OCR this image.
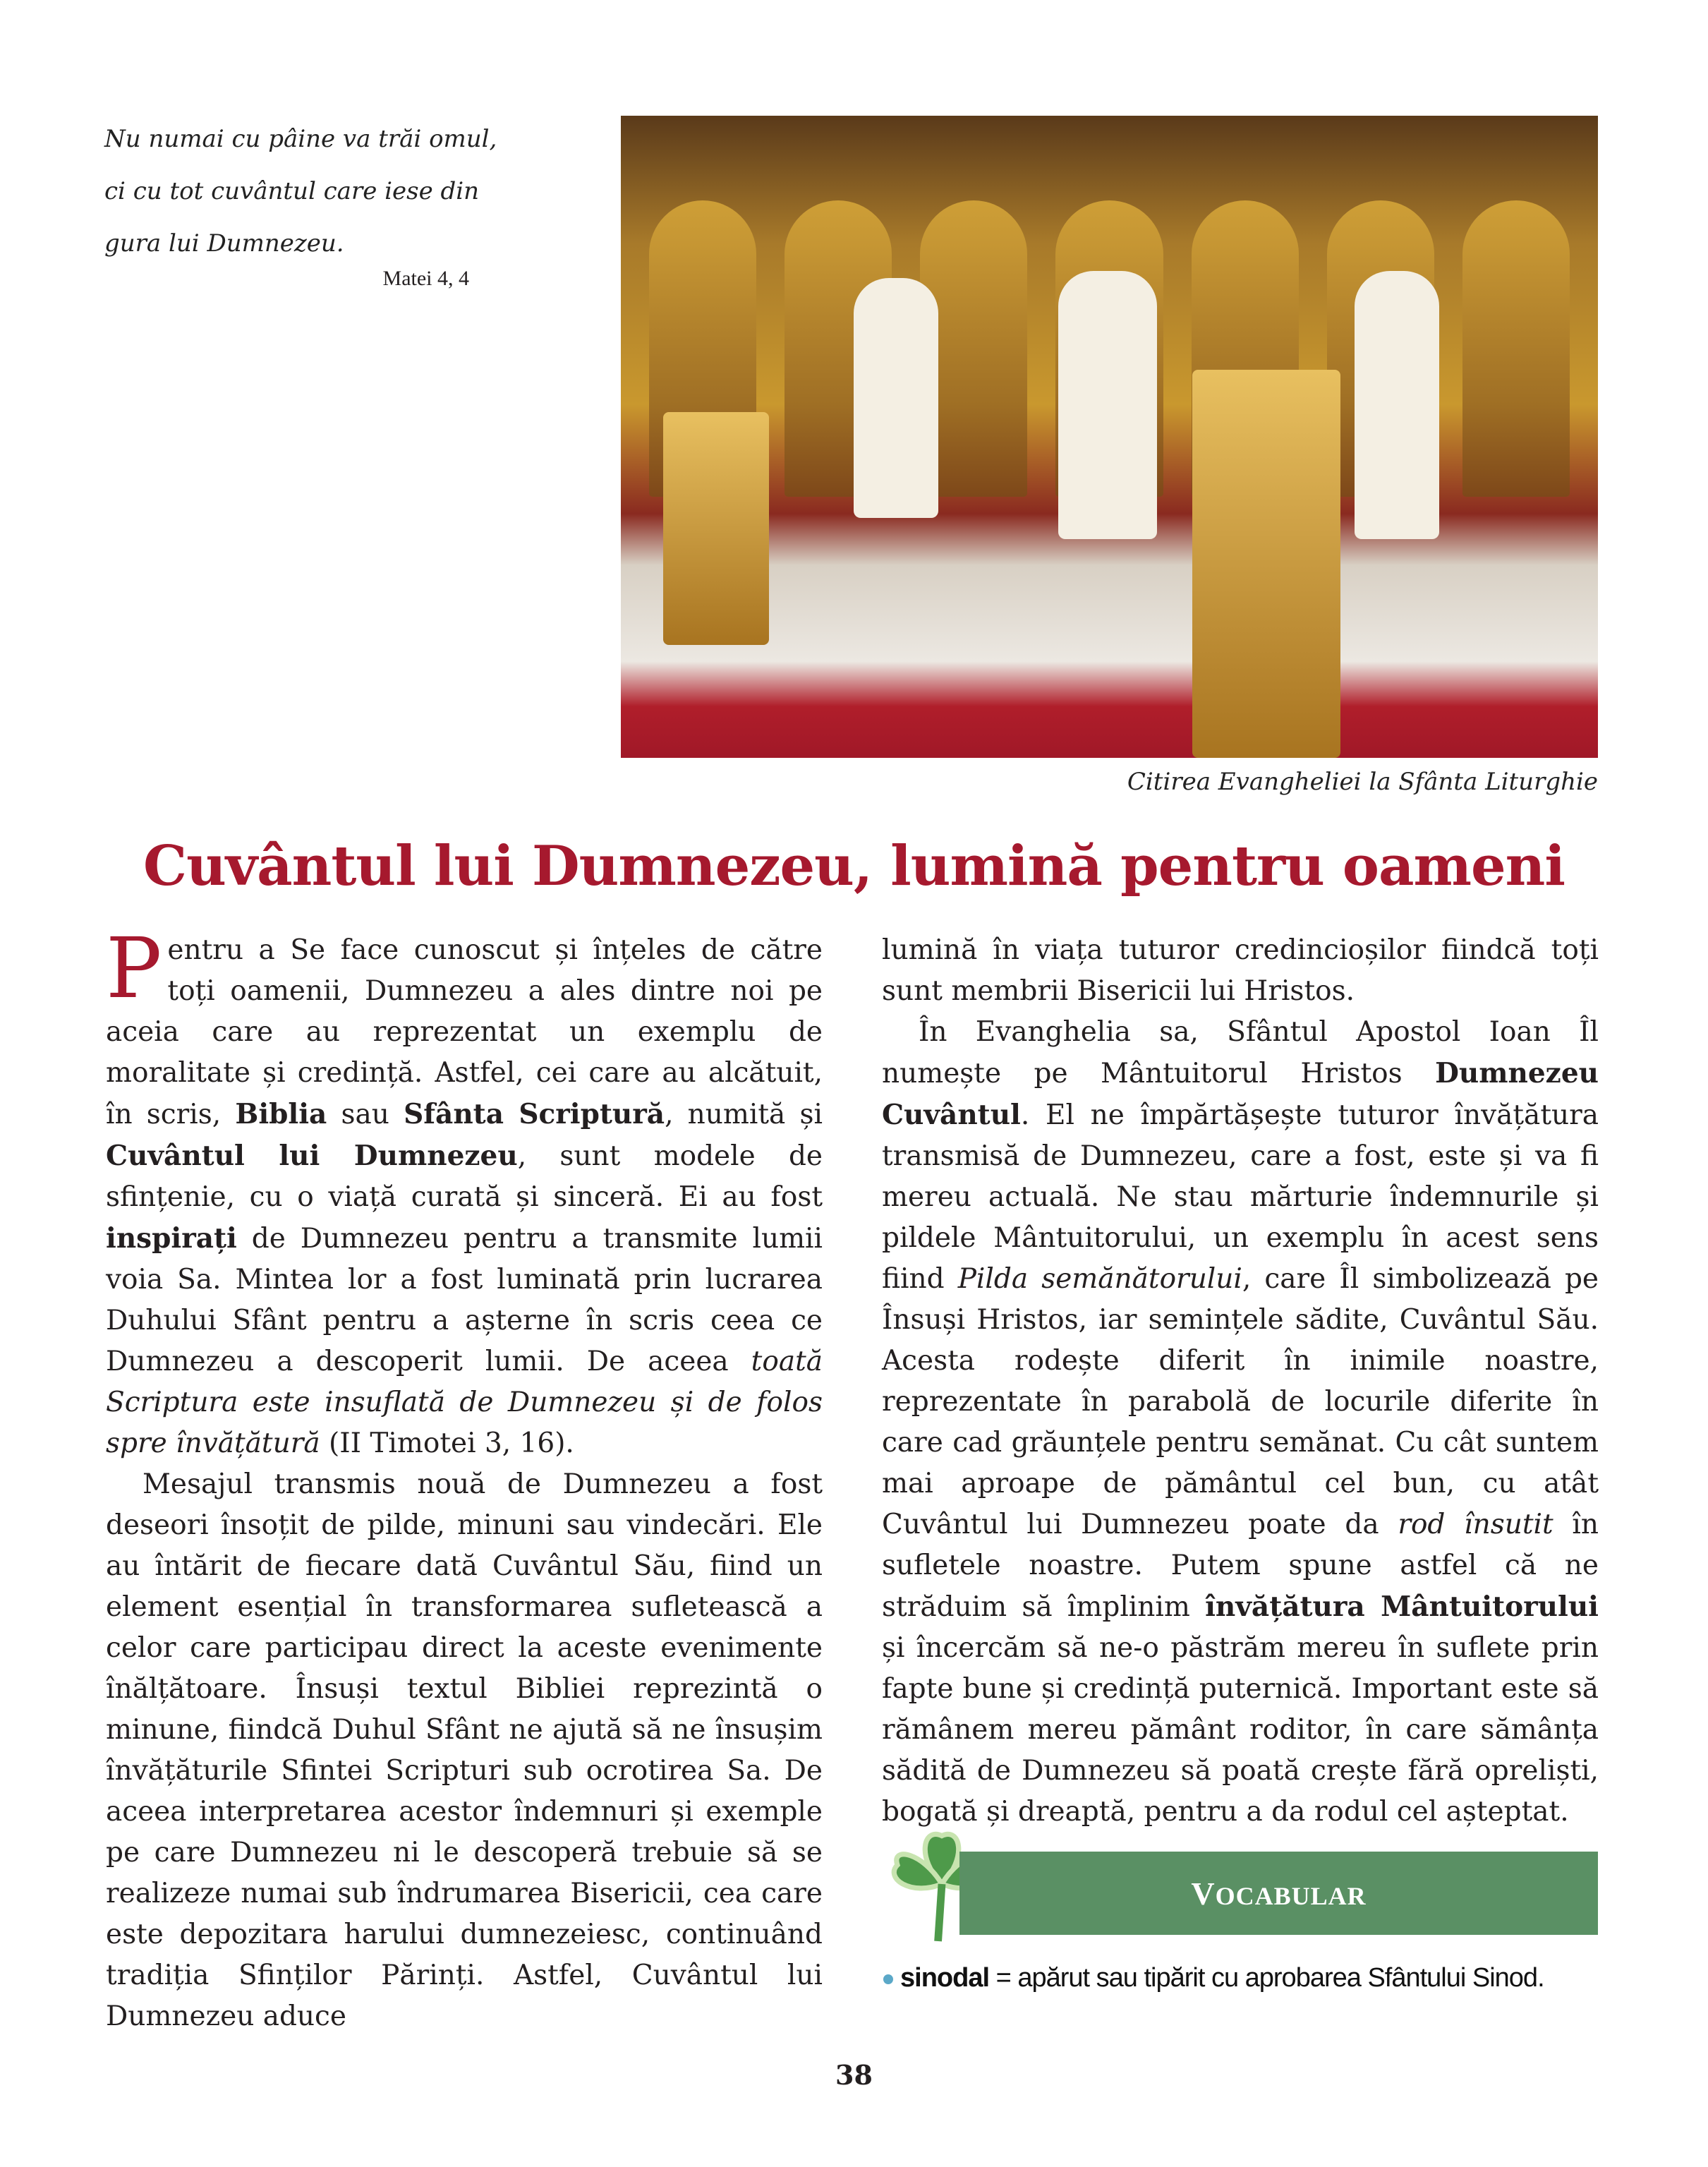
Nu numai cu pâine va trăi omul,
ci cu tot cuvântul care iese din
gura lui Dumnezeu.
Matei 4, 4
Citirea Evangheliei la Sfânta Liturghie
Cuvântul lui Dumnezeu, lumină pentru oameni

Pentru a Se face cunoscut și înțeles de către toți oamenii, Dumnezeu a ales dintre noi pe aceia care au reprezentat un exemplu de moralitate și credință. Astfel, cei care au alcătuit, în scris, Biblia sau Sfânta Scriptură, numită și Cuvântul lui Dumnezeu, sunt modele de sfințenie, cu o viață curată și sinceră. Ei au fost inspirați de Dumnezeu pentru a transmite lumii voia Sa. Mintea lor a fost luminată prin lucrarea Duhului Sfânt pentru a așterne în scris ceea ce Dumnezeu a descoperit lumii. De aceea toată Scriptura este insuflată de Dumnezeu și de folos spre învățătură (II Timotei 3, 16).

Mesajul transmis nouă de Dumnezeu a fost deseori însoțit de pilde, minuni sau vindecări. Ele au întărit de fiecare dată Cuvântul Său, fiind un element esențial în transformarea sufletească a celor care participau direct la aceste evenimente înălțătoare. Însuși textul Bibliei reprezintă o minune, fiindcă Duhul Sfânt ne ajută să ne însușim învățăturile Sfintei Scripturi sub ocrotirea Sa. De aceea interpretarea acestor îndemnuri și exemple pe care Dumnezeu ni le descoperă trebuie să se realizeze numai sub îndrumarea Bisericii, cea care este depozitara harului dumnezeiesc, continuând tradiția Sfinților Părinți. Astfel, Cuvântul lui Dumnezeu aduce

lumină în viața tuturor credincioșilor fiindcă toți sunt membrii Bisericii lui Hristos.

În Evanghelia sa, Sfântul Apostol Ioan Îl numește pe Mântuitorul Hristos Dumnezeu Cuvântul. El ne împărtășește tuturor învățătura transmisă de Dumnezeu, care a fost, este și va fi mereu actuală. Ne stau mărturie îndemnurile și pildele Mântuitorului, un exemplu în acest sens fiind Pilda semănătorului, care Îl simbolizează pe Însuși Hristos, iar semințele sădite, Cuvântul Său. Acesta rodește diferit în inimile noastre, reprezentate în parabolă de locurile diferite în care cad grăunțele pentru semănat. Cu cât suntem mai aproape de pământul cel bun, cu atât Cuvântul lui Dumnezeu poate da rod însutit în sufletele noastre. Putem spune astfel că ne străduim să împlinim învățătura Mântuitorului și încercăm să ne-o păstrăm mereu în suflete prin fapte bune și credință puternică. Important este să rămânem mereu pământ roditor, în care sămânța sădită de Dumnezeu să poată crește fără opreliști, bogată și dreaptă, pentru a da rodul cel așteptat.

VOCABULAR
sinodal = apărut sau tipărit cu aprobarea Sfântului Sinod.
38
